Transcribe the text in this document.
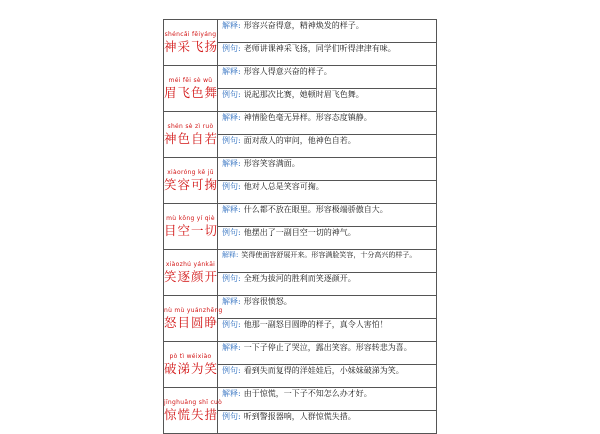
shénсǎi fēiyáng
神采飞扬	解释: 形容兴奋得意，精神焕发的样子。

	例句: 老师讲课神采飞扬，同学们听得津津有味。

méi fēi sè wǔ
眉飞色舞	解释: 形容人得意兴奋的样子。

	例句: 说起那次比赛，她顿时眉飞色舞。

shén sè zì ruò
神色自若	解释: 神情脸色毫无异样。形容态度镇静。

	例句: 面对敌人的审问，他神色自若。

xiàoróng kě jū
笑容可掬	解释: 形容笑容满面。

	例句: 他对人总是笑容可掬。

mù kōng yí qiè
目空一切	解释: 什么都不放在眼里。形容极端骄傲自大。

	例句: 他摆出了一副目空一切的神气。

xiàozhú yánkāi
笑逐颜开	解释: 笑得使面容舒展开来。形容满脸笑容，十分高兴的样子。

	例句: 全班为拔河的胜利而笑逐颜开。

nù mù yuánzhēng
怒目圆睁	解释: 形容很愤怒。

	例句: 他那一副怒目圆睁的样子，真令人害怕！

pò tì wéixiào
破涕为笑	解释: 一下子停止了哭泣，露出笑容。形容转悲为喜。

	例句: 看到失而复得的洋娃娃后，小妹妹破涕为笑。

jīnghuāng shī cuò
惊慌失措	解释: 由于惊慌，一下子不知怎么办才好。

	例句: 听到警报器响，人群惊慌失措。
